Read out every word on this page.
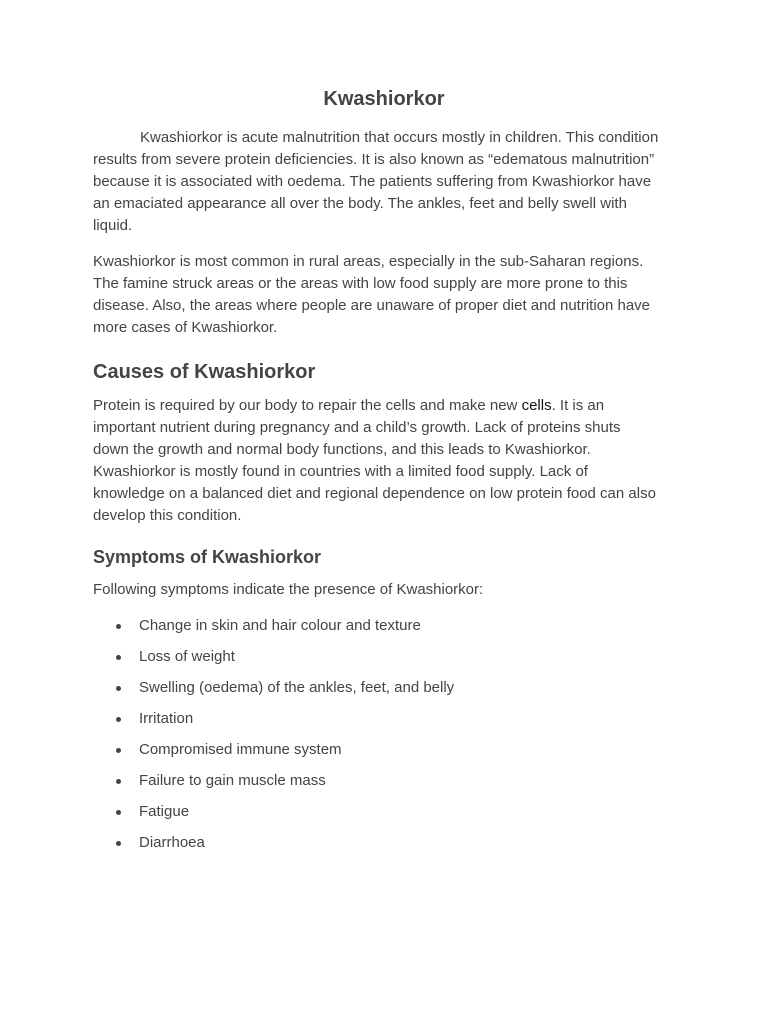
Kwashiorkor

Kwashiorkor is acute malnutrition that occurs mostly in children. This condition results from severe protein deficiencies. It is also known as “edematous malnutrition” because it is associated with oedema. The patients suffering from Kwashiorkor have an emaciated appearance all over the body. The ankles, feet and belly swell with liquid.

Kwashiorkor is most common in rural areas, especially in the sub-Saharan regions. The famine struck areas or the areas with low food supply are more prone to this disease. Also, the areas where people are unaware of proper diet and nutrition have more cases of Kwashiorkor.

Causes of Kwashiorkor

Protein is required by our body to repair the cells and make new cells. It is an important nutrient during pregnancy and a child’s growth. Lack of proteins shuts down the growth and normal body functions, and this leads to Kwashiorkor. Kwashiorkor is mostly found in countries with a limited food supply. Lack of knowledge on a balanced diet and regional dependence on low protein food can also develop this condition.

Symptoms of Kwashiorkor

Following symptoms indicate the presence of Kwashiorkor:

Change in skin and hair colour and texture
Loss of weight
Swelling (oedema) of the ankles, feet, and belly
Irritation
Compromised immune system
Failure to gain muscle mass
Fatigue
Diarrhoea
